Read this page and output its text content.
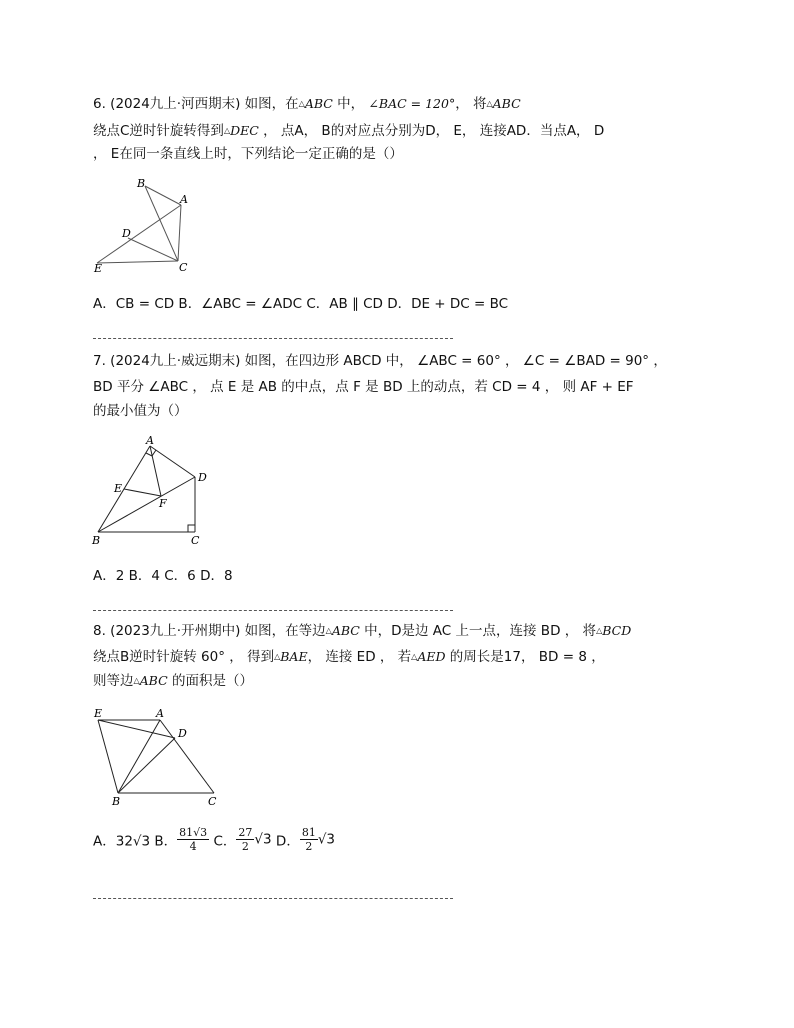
6. (2024九上·河西期末) 如图，在△ABC 中， ∠BAC = 120°， 将△ABC
绕点C逆时针旋转得到△DEC ， 点A， B的对应点分别为D， E， 连接AD．当点A， D
， E在同一条直线上时，下列结论一定正确的是（）
B
A
D
E	C
A．CB = CD B．∠ABC = ∠ADC C．AB ∥ CD D．DE + DC = BC
7. (2024九上·威远期末) 如图，在四边形 ABCD 中， ∠ABC = 60° ， ∠C = ∠BAD = 90° ，
BD 平分 ∠ABC ， 点 E 是 AB 的中点，点 F 是 BD 上的动点，若 CD = 4 ， 则 AF + EF
的最小值为（）
A
E
D
F
B	C
A．2 B．4 C．6 D．8
8. (2023九上·开州期中) 如图，在等边△ABC 中，D是边 AC 上一点，连接 BD ， 将△BCD
绕点B逆时针旋转 60° ， 得到△BAE， 连接 ED ， 若△AED 的周长是17， BD = 8 ，
则等边△ABC 的面积是（）
E	A
D
B	C
A．32√3 B． $\frac{81√3}{4}$ C． $\frac{27}{2} √3$ D． $\frac{81}{2} √3$
